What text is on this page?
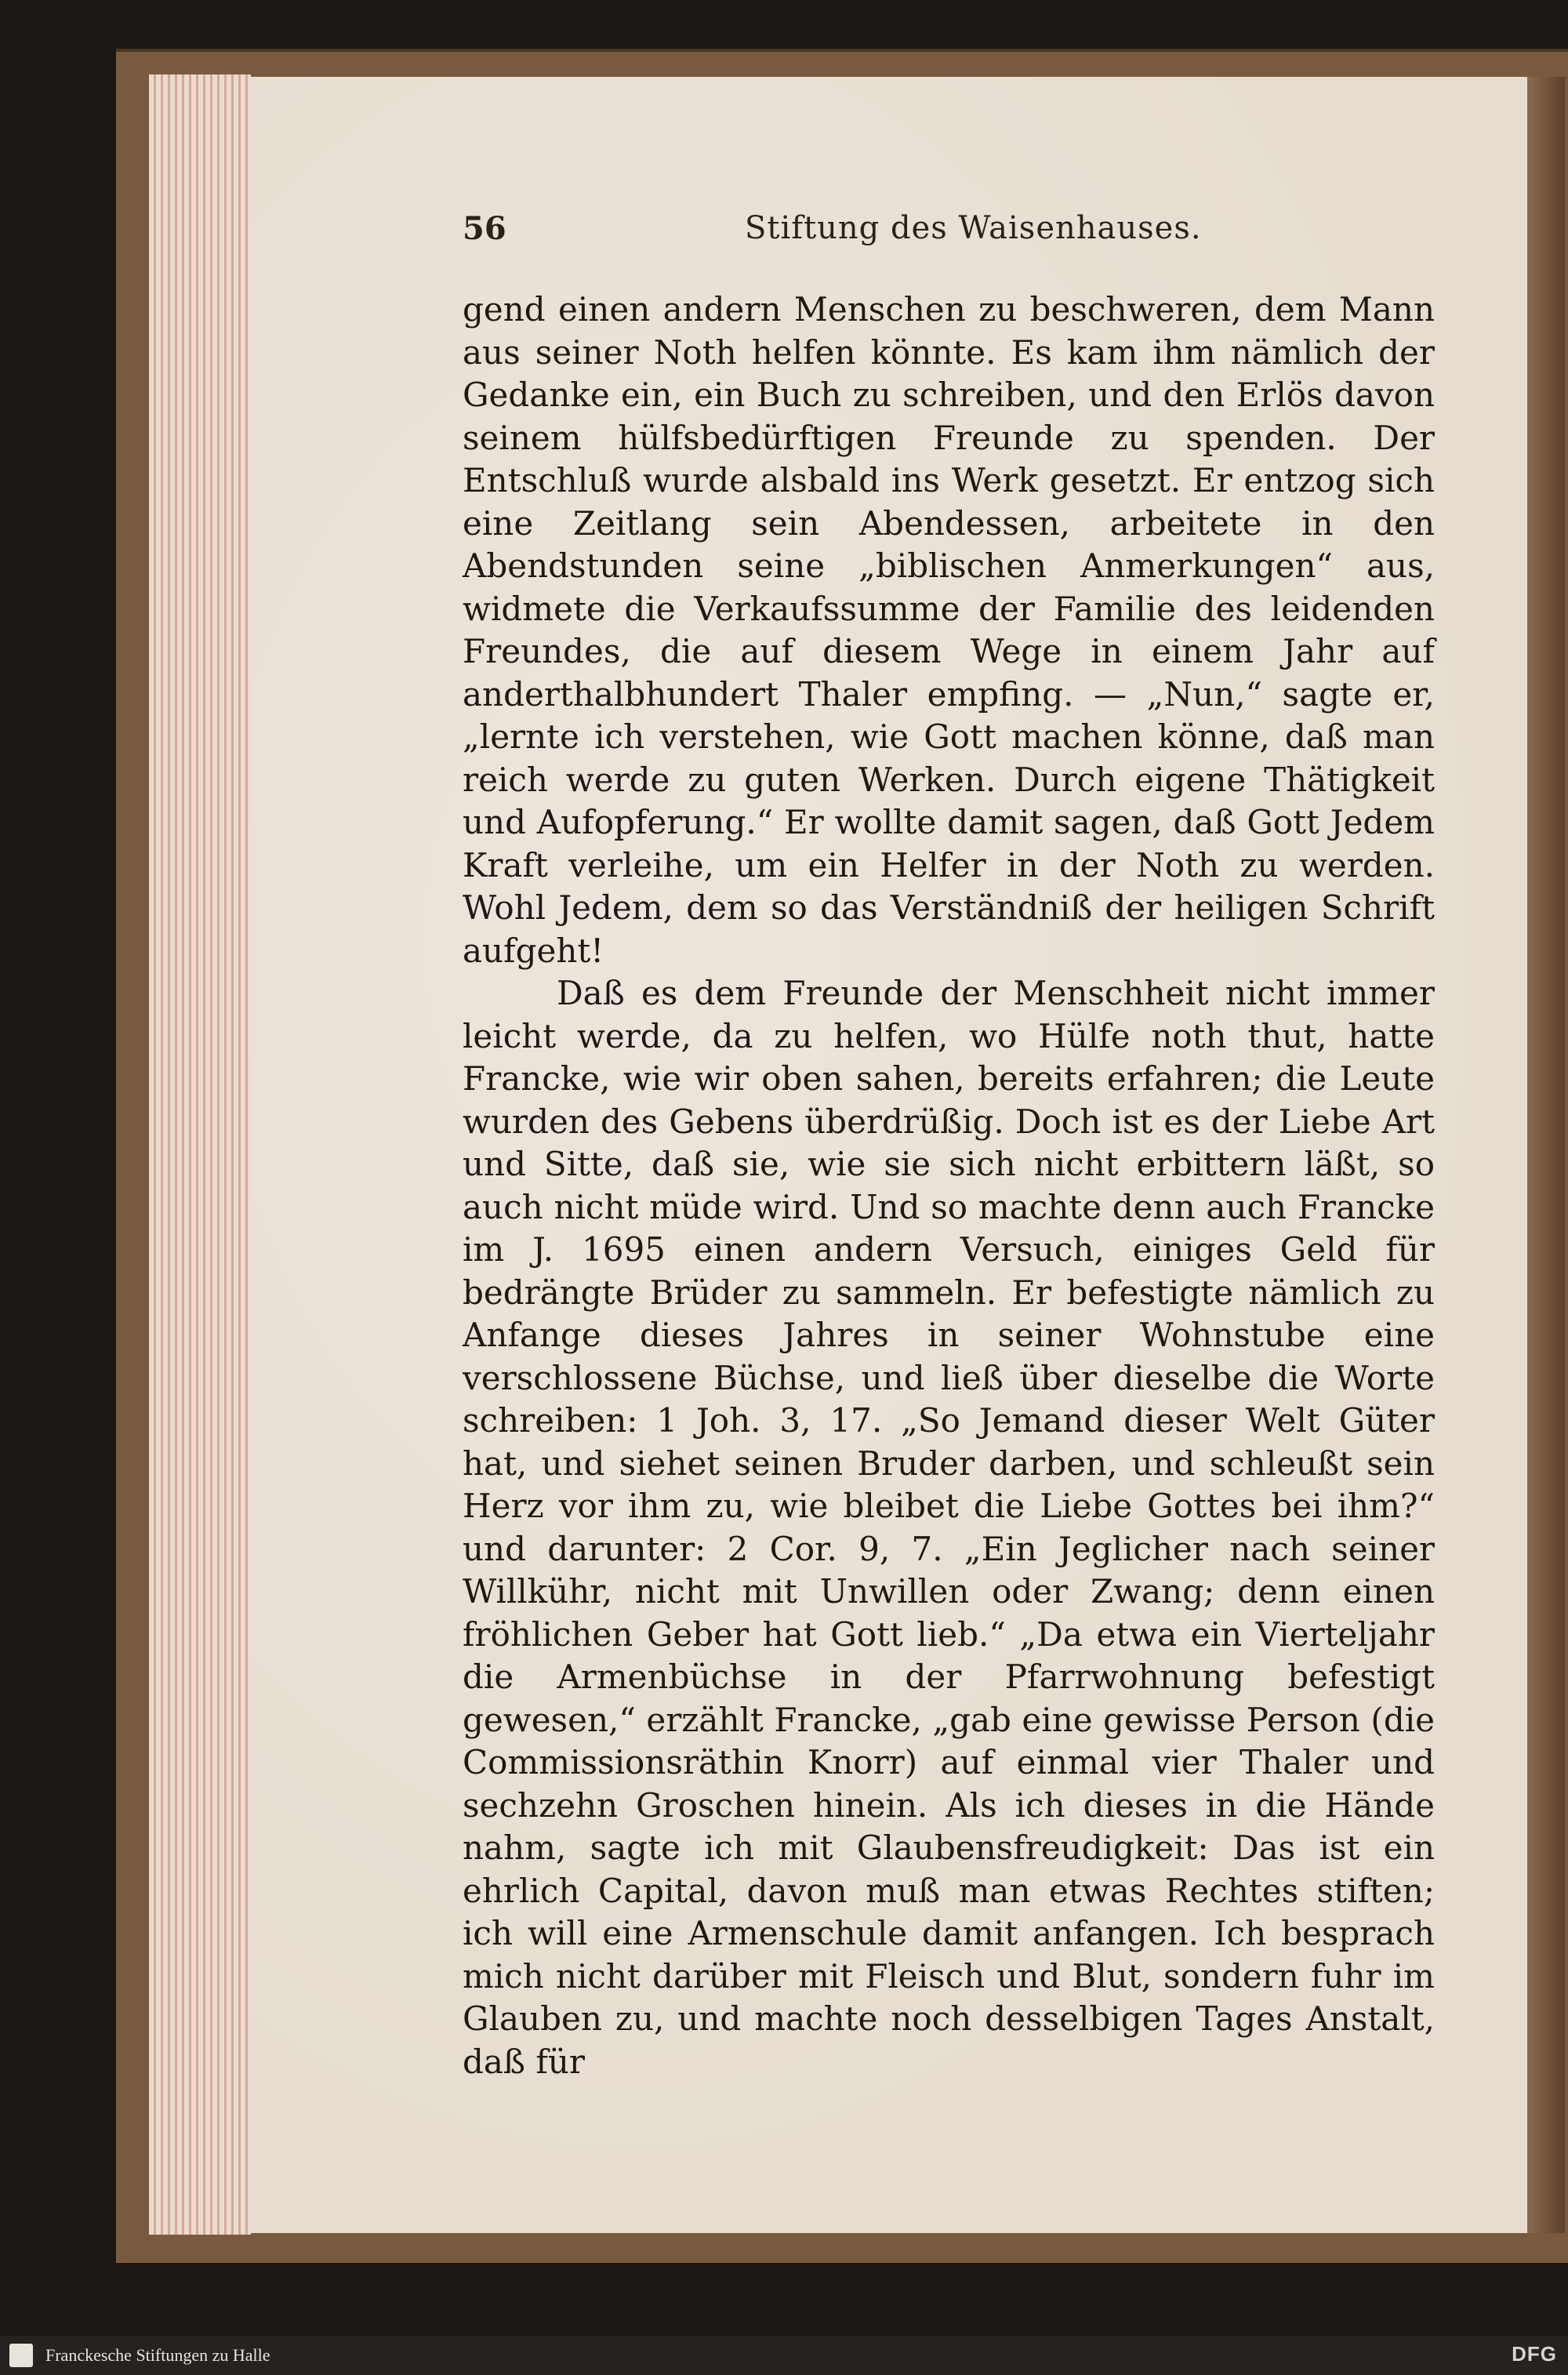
56	Stiftung des Waisenhauses.

gend einen andern Menschen zu beschweren, dem Mann aus seiner Noth helfen könnte. Es kam ihm nämlich der Gedanke ein, ein Buch zu schreiben, und den Erlös davon seinem hülfsbedürftigen Freunde zu spenden. Der Entschluß wurde alsbald ins Werk gesetzt. Er entzog sich eine Zeitlang sein Abendessen, arbeitete in den Abendstunden seine „biblischen Anmerkungen“ aus, widmete die Verkaufssumme der Familie des leidenden Freundes, die auf diesem Wege in einem Jahr auf anderthalbhundert Thaler empfing. — „Nun,“ sagte er, „lernte ich verstehen, wie Gott machen könne, daß man reich werde zu guten Werken. Durch eigene Thätigkeit und Aufopferung.“ Er wollte damit sagen, daß Gott Jedem Kraft verleihe, um ein Helfer in der Noth zu werden. Wohl Jedem, dem so das Verständniß der heiligen Schrift aufgeht!

Daß es dem Freunde der Menschheit nicht immer leicht werde, da zu helfen, wo Hülfe noth thut, hatte Francke, wie wir oben sahen, bereits erfahren; die Leute wurden des Gebens überdrüßig. Doch ist es der Liebe Art und Sitte, daß sie, wie sie sich nicht erbittern läßt, so auch nicht müde wird. Und so machte denn auch Francke im J. 1695 einen andern Versuch, einiges Geld für bedrängte Brüder zu sammeln. Er befestigte nämlich zu Anfange dieses Jahres in seiner Wohnstube eine verschlossene Büchse, und ließ über dieselbe die Worte schreiben: 1 Joh. 3, 17. „So Jemand dieser Welt Güter hat, und siehet seinen Bruder darben, und schleußt sein Herz vor ihm zu, wie bleibet die Liebe Gottes bei ihm?“ und darunter: 2 Cor. 9, 7. „Ein Jeglicher nach seiner Willkühr, nicht mit Unwillen oder Zwang; denn einen fröhlichen Geber hat Gott lieb.“ „Da etwa ein Vierteljahr die Armenbüchse in der Pfarrwohnung befestigt gewesen,“ erzählt Francke, „gab eine gewisse Person (die Commissionsräthin Knorr) auf einmal vier Thaler und sechzehn Groschen hinein. Als ich dieses in die Hände nahm, sagte ich mit Glaubensfreudigkeit: Das ist ein ehrlich Capital, davon muß man etwas Rechtes stiften; ich will eine Armenschule damit anfangen. Ich besprach mich nicht darüber mit Fleisch und Blut, sondern fuhr im Glauben zu, und machte noch desselbigen Tages Anstalt, daß für

Franckesche Stiftungen zu Halle	DFG
